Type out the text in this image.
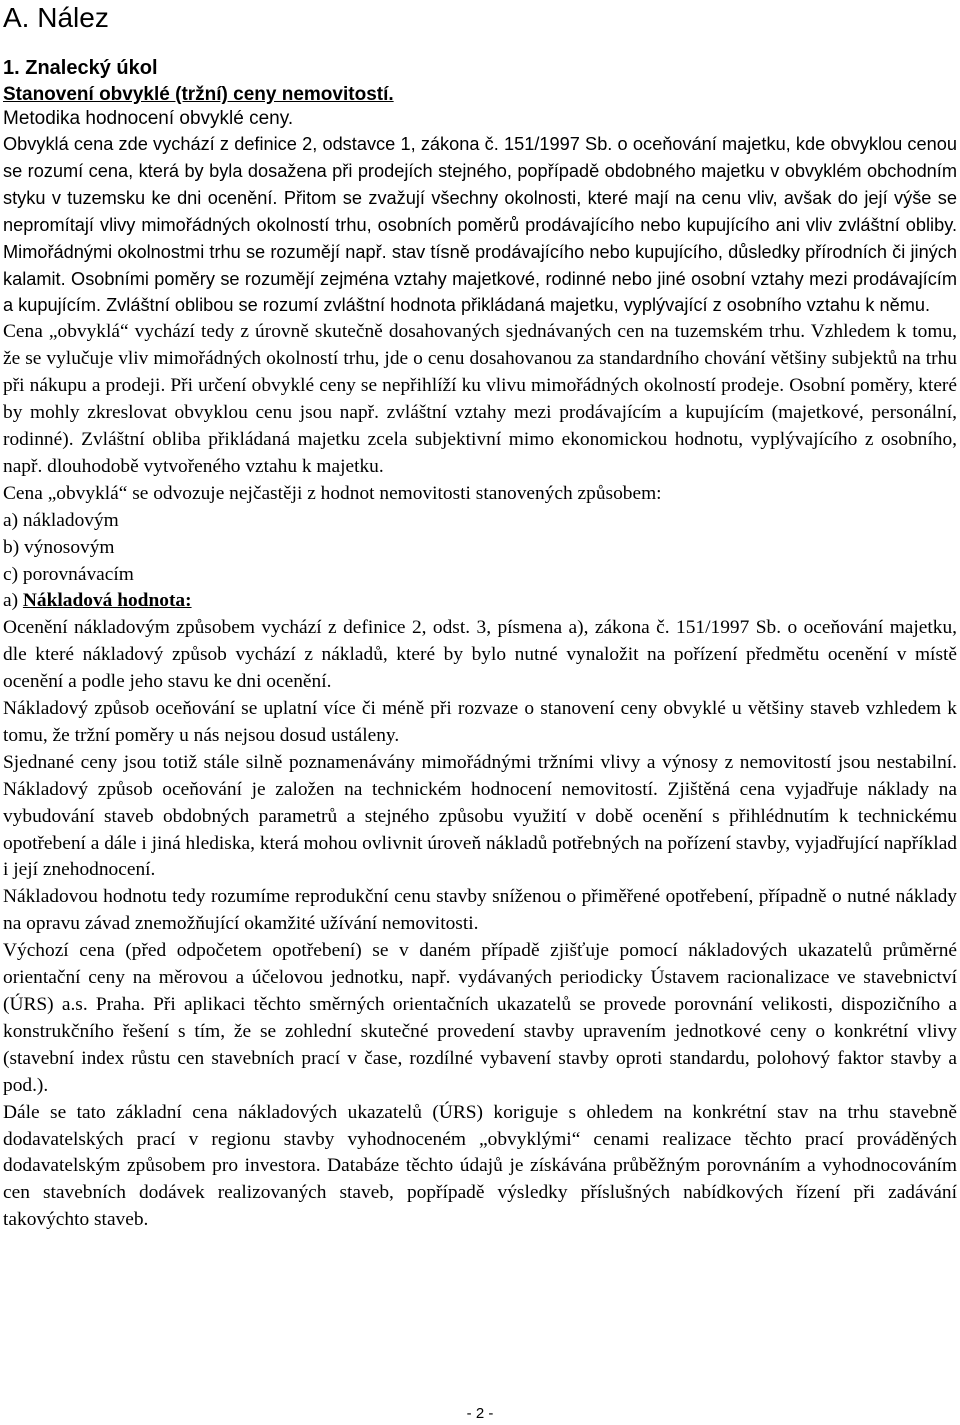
A. Nález
1. Znalecký úkol
Stanovení obvyklé (tržní) ceny nemovitostí.
Metodika hodnocení obvyklé ceny.

Obvyklá cena zde vychází z definice 2, odstavce 1, zákona č. 151/1997 Sb. o oceňování majetku, kde obvyklou cenou se rozumí cena, která by byla dosažena při prodejích stejného, popřípadě obdobného majetku v obvyklém obchodním styku v tuzemsku ke dni ocenění. Přitom se zvažují všechny okolnosti, které mají na cenu vliv, avšak do její výše se nepromítají vlivy mimořádných okolností trhu, osobních poměrů prodávajícího nebo kupujícího ani vliv zvláštní obliby. Mimořádnými okolnostmi trhu se rozumějí např. stav tísně prodávajícího nebo kupujícího, důsledky přírodních či jiných kalamit. Osobními poměry se rozumějí zejména vztahy majetkové, rodinné nebo jiné osobní vztahy mezi prodávajícím a kupujícím. Zvláštní oblibou se rozumí zvláštní hodnota přikládaná majetku, vyplývající z osobního vztahu k němu.

Cena „obvyklá“ vychází tedy z úrovně skutečně dosahovaných sjednávaných cen na tuzemském trhu. Vzhledem k tomu, že se vylučuje vliv mimořádných okolností trhu, jde o cenu dosahovanou za standardního chování většiny subjektů na trhu při nákupu a prodeji. Při určení obvyklé ceny se nepřihlíží ku vlivu mimořádných okolností prodeje. Osobní poměry, které by mohly zkreslovat obvyklou cenu jsou např. zvláštní vztahy mezi prodávajícím a kupujícím (majetkové, personální, rodinné). Zvláštní obliba přikládaná majetku zcela subjektivní mimo ekonomickou hodnotu, vyplývajícího z osobního, např. dlouhodobě vytvořeného vztahu k majetku.

Cena „obvyklá“ se odvozuje nejčastěji z hodnot nemovitosti stanovených způsobem:

a) nákladovým
b) výnosovým
c) porovnávacím
a) Nákladová hodnota:

Ocenění nákladovým způsobem vychází z definice 2, odst. 3, písmena a), zákona č. 151/1997 Sb. o oceňování majetku, dle které nákladový způsob vychází z nákladů, které by bylo nutné vynaložit na pořízení předmětu ocenění v místě ocenění a podle jeho stavu ke dni ocenění.

Nákladový způsob oceňování se uplatní více či méně při rozvaze o stanovení ceny obvyklé u většiny staveb vzhledem k tomu, že tržní poměry u nás nejsou dosud ustáleny.

Sjednané ceny jsou totiž stále silně poznamenávány mimořádnými tržními vlivy a výnosy z nemovitostí jsou nestabilní. Nákladový způsob oceňování je založen na technickém hodnocení nemovitostí. Zjištěná cena vyjadřuje náklady na vybudování staveb obdobných parametrů a stejného způsobu využití v době ocenění s přihlédnutím k technickému opotřebení a dále i jiná hlediska, která mohou ovlivnit úroveň nákladů potřebných na pořízení stavby, vyjadřující například i její znehodnocení.

Nákladovou hodnotu tedy rozumíme reprodukční cenu stavby sníženou o přiměřené opotřebení, případně o nutné náklady na opravu závad znemožňující okamžité užívání nemovitosti.

Výchozí cena (před odpočetem opotřebení) se v daném případě zjišťuje pomocí nákladových ukazatelů průměrné orientační ceny na měrovou a účelovou jednotku, např. vydávaných periodicky Ústavem racionalizace ve stavebnictví (ÚRS) a.s. Praha. Při aplikaci těchto směrných orientačních ukazatelů se provede porovnání velikosti, dispozičního a konstrukčního řešení s tím, že se zohlední skutečné provedení stavby upravením jednotkové ceny o konkrétní vlivy (stavební index růstu cen stavebních prací v čase, rozdílné vybavení stavby oproti standardu, polohový faktor stavby a pod.).

Dále se tato základní cena nákladových ukazatelů (ÚRS) koriguje s ohledem na konkrétní stav na trhu stavebně dodavatelských prací v regionu stavby vyhodnoceném „obvyklými“ cenami realizace těchto prací prováděných dodavatelským způsobem pro investora. Databáze těchto údajů je získávána průběžným porovnáním a vyhodnocováním cen stavebních dodávek realizovaných staveb, popřípadě výsledky příslušných nabídkových řízení při zadávání takovýchto staveb.

- 2 -
